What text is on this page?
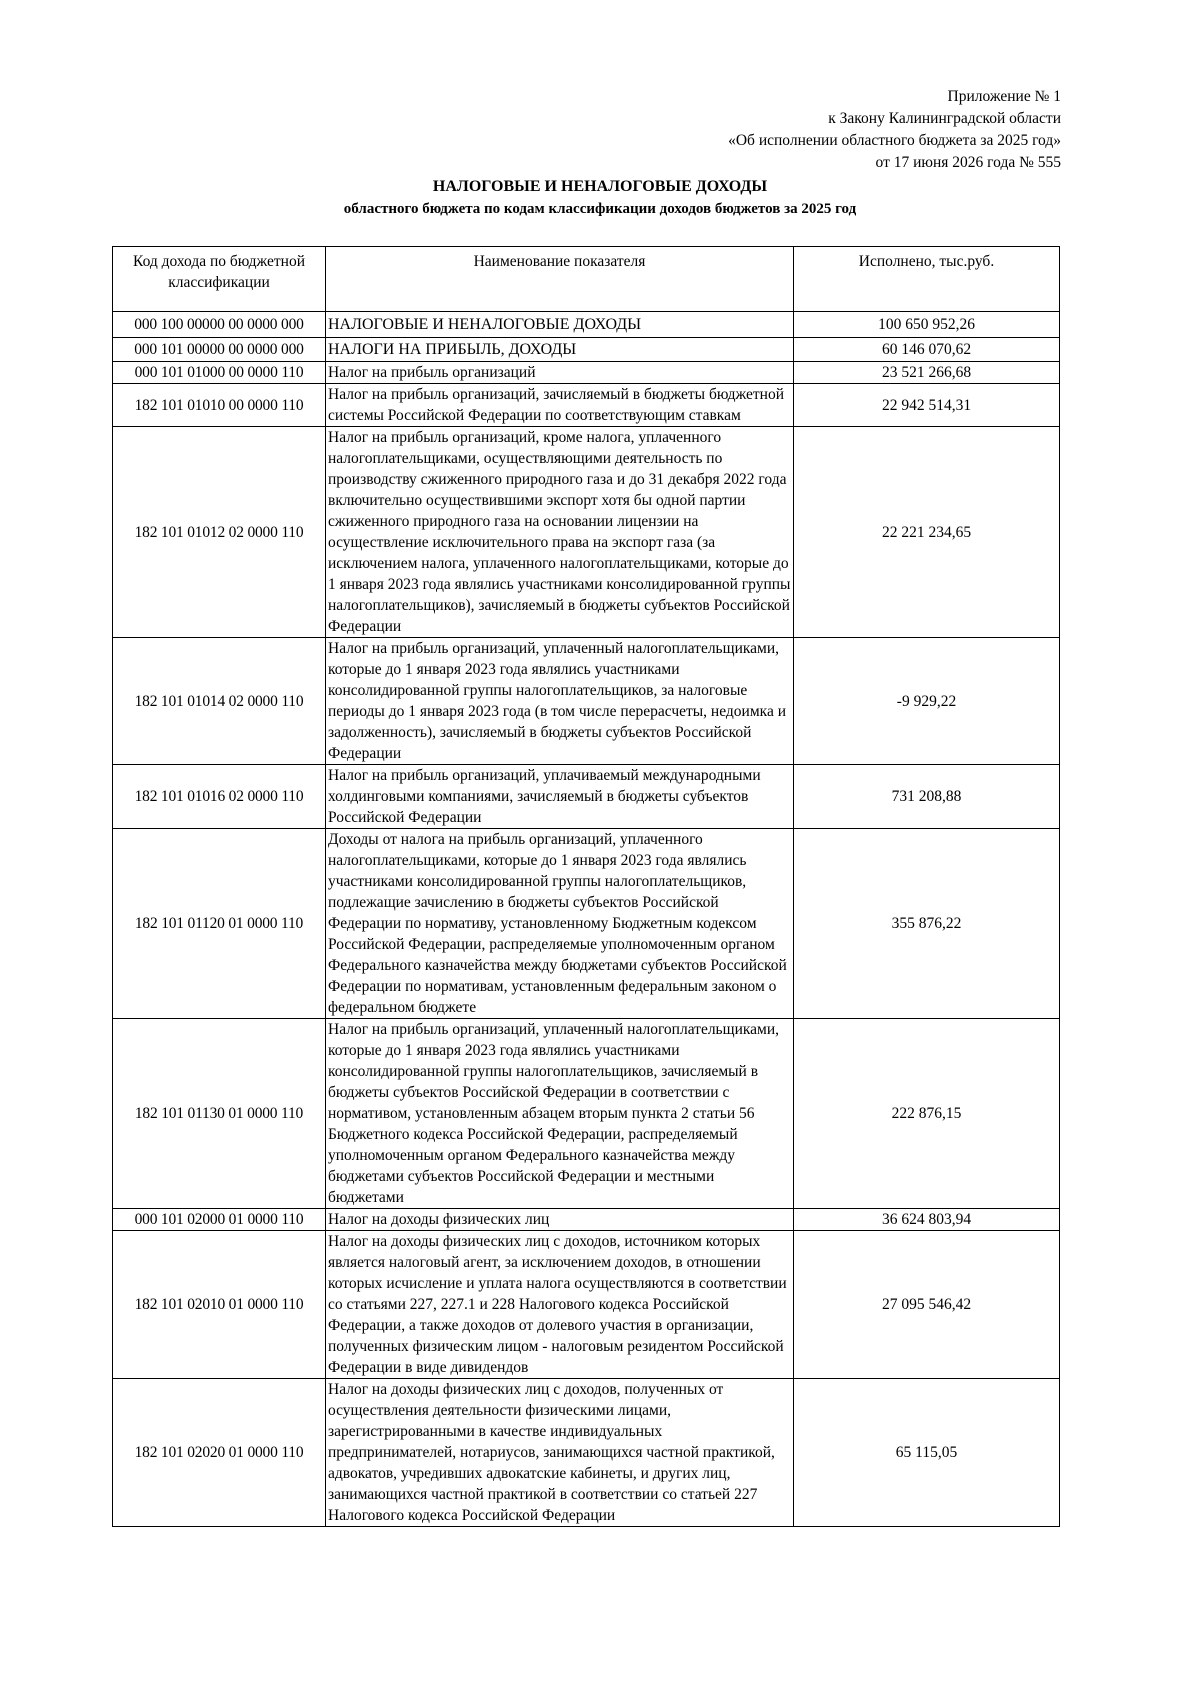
Приложение № 1
к Закону Калининградской области
«Об исполнении областного бюджета за 2025 год»
от 17 июня 2026 года № 555
НАЛОГОВЫЕ И НЕНАЛОГОВЫЕ ДОХОДЫ
областного бюджета по кодам классификации доходов бюджетов за 2025 год
Код дохода по бюджетной классификации	Наименование показателя	Исполнено, тыс.руб.
000 100 00000 00 0000 000	НАЛОГОВЫЕ И НЕНАЛОГОВЫЕ ДОХОДЫ	100 650 952,26
000 101 00000 00 0000 000	НАЛОГИ НА ПРИБЫЛЬ, ДОХОДЫ	60 146 070,62
000 101 01000 00 0000 110	Налог на прибыль организаций	23 521 266,68
182 101 01010 00 0000 110	Налог на прибыль организаций, зачисляемый в бюджеты бюджетной системы Российской Федерации по соответствующим ставкам	22 942 514,31
182 101 01012 02 0000 110	Налог на прибыль организаций, кроме налога, уплаченного налогоплательщиками, осуществляющими деятельность по производству сжиженного природного газа и до 31 декабря 2022 года включительно осуществившими экспорт хотя бы одной партии сжиженного природного газа на основании лицензии на осуществление исключительного права на экспорт газа (за исключением налога, уплаченного налогоплательщиками, которые до 1 января 2023 года являлись участниками консолидированной группы налогоплательщиков), зачисляемый в бюджеты субъектов Российской Федерации	22 221 234,65
182 101 01014 02 0000 110	Налог на прибыль организаций, уплаченный налогоплательщиками, которые до 1 января 2023 года являлись участниками консолидированной группы налогоплательщиков, за налоговые периоды до 1 января 2023 года (в том числе перерасчеты, недоимка и задолженность), зачисляемый в бюджеты субъектов Российской Федерации	-9 929,22
182 101 01016 02 0000 110	Налог на прибыль организаций, уплачиваемый международными холдинговыми компаниями, зачисляемый в бюджеты субъектов Российской Федерации	731 208,88
182 101 01120 01 0000 110	Доходы от налога на прибыль организаций, уплаченного налогоплательщиками, которые до 1 января 2023 года являлись участниками консолидированной группы налогоплательщиков, подлежащие зачислению в бюджеты субъектов Российской Федерации по нормативу, установленному Бюджетным кодексом Российской Федерации, распределяемые уполномоченным органом Федерального казначейства между бюджетами субъектов Российской Федерации по нормативам, установленным федеральным законом о федеральном бюджете	355 876,22
182 101 01130 01 0000 110	Налог на прибыль организаций, уплаченный налогоплательщиками, которые до 1 января 2023 года являлись участниками консолидированной группы налогоплательщиков, зачисляемый в бюджеты субъектов Российской Федерации в соответствии с нормативом, установленным абзацем вторым пункта 2 статьи 56 Бюджетного кодекса Российской Федерации, распределяемый уполномоченным органом Федерального казначейства между бюджетами субъектов Российской Федерации и местными бюджетами	222 876,15
000 101 02000 01 0000 110	Налог на доходы физических лиц	36 624 803,94
182 101 02010 01 0000 110	Налог на доходы физических лиц с доходов, источником которых является налоговый агент, за исключением доходов, в отношении которых исчисление и уплата налога осуществляются в соответствии со статьями 227, 227.1 и 228 Налогового кодекса Российской Федерации, а также доходов от долевого участия в организации, полученных физическим лицом - налоговым резидентом Российской Федерации в виде дивидендов	27 095 546,42
182 101 02020 01 0000 110	Налог на доходы физических лиц с доходов, полученных от осуществления деятельности физическими лицами, зарегистрированными в качестве индивидуальных предпринимателей, нотариусов, занимающихся частной практикой, адвокатов, учредивших адвокатские кабинеты, и других лиц, занимающихся частной практикой в соответствии со статьей 227 Налогового кодекса Российской Федерации	65 115,05
